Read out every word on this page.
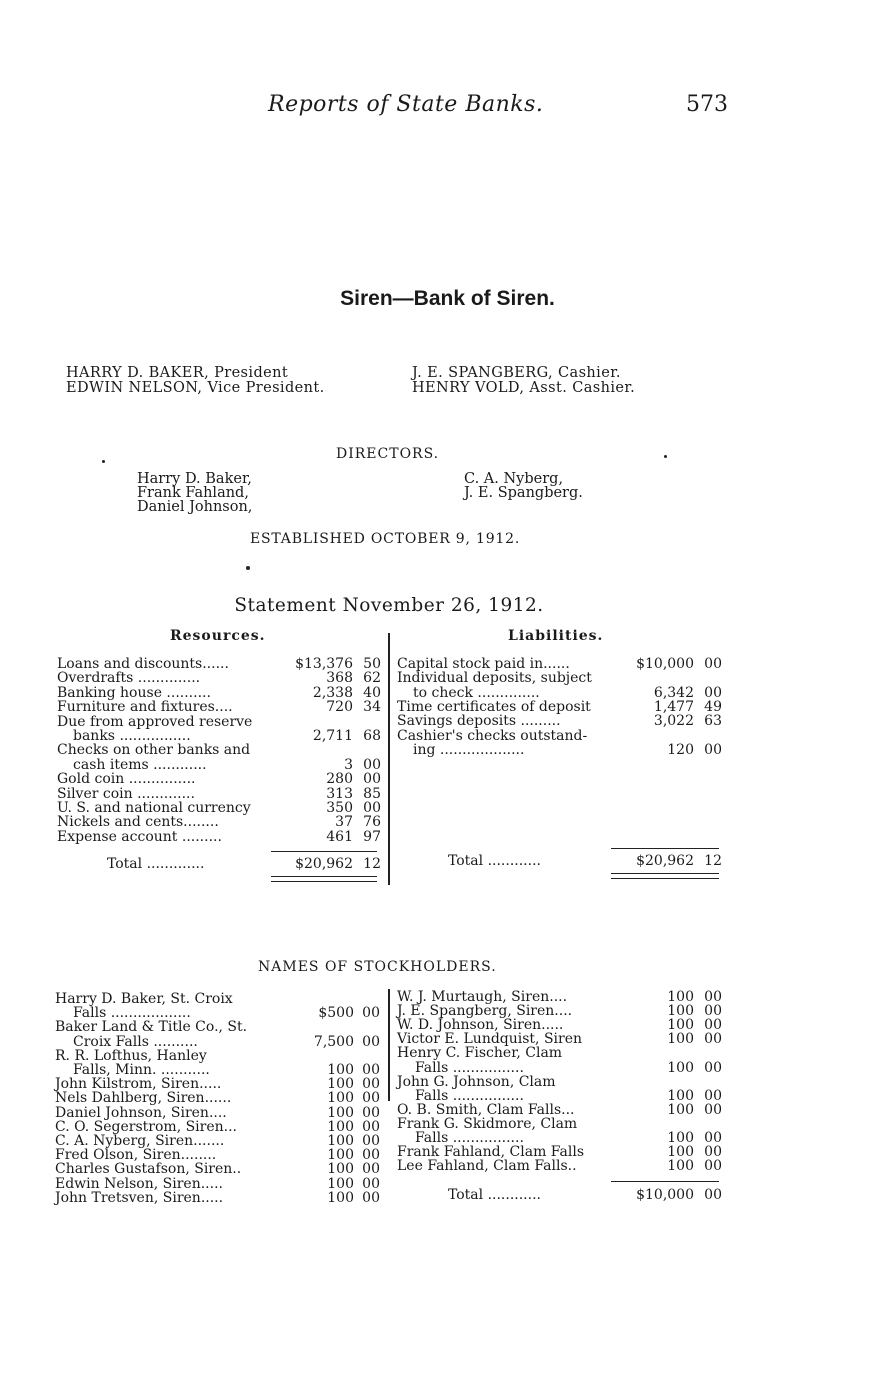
Reports of State Banks.	573
Siren—Bank of Siren.
HARRY D. BAKER, President
EDWIN NELSON, Vice President.
J. E. SPANGBERG, Cashier.
HENRY VOLD, Asst. Cashier.
DIRECTORS.
Harry D. Baker,
Frank Fahland,
Daniel Johnson,
C. A. Nyberg,
J. E. Spangberg.
ESTABLISHED OCTOBER 9, 1912.
Statement November 26, 1912.
Resources.	Liabilities.
Loans and discounts......	$13,376 50
Overdrafts ..............	368 62
Banking house ..........	2,338 40
Furniture and fixtures....	720 34
Due from approved reserve
banks ................	2,711 68
Checks on other banks and
cash items ............	3 00
Gold coin ...............	280 00
Silver coin .............	313 85
U. S. and national currency	350 00
Nickels and cents........	37 76
Expense account .........	461 97
Total .............	$20,962 12
Capital stock paid in......	$10,000 00
Individual deposits, subject
to check ..............	6,342 00
Time certificates of deposit	1,477 49
Savings deposits .........	3,022 63
Cashier's checks outstand-
ing ...................	120 00
Total ............	$20,962 12
NAMES OF STOCKHOLDERS.
Harry D. Baker, St. Croix
Falls ..................	$500 00
Baker Land & Title Co., St.
Croix Falls ..........	7,500 00
R. R. Lofthus, Hanley
Falls, Minn. ...........	100 00
John Kilstrom, Siren.....	100 00
Nels Dahlberg, Siren......	100 00
Daniel Johnson, Siren....	100 00
C. O. Segerstrom, Siren...	100 00
C. A. Nyberg, Siren.......	100 00
Fred Olson, Siren........	100 00
Charles Gustafson, Siren..	100 00
Edwin Nelson, Siren.....	100 00
John Tretsven, Siren.....	100 00
W. J. Murtaugh, Siren....	100 00
J. E. Spangberg, Siren....	100 00
W. D. Johnson, Siren.....	100 00
Victor E. Lundquist, Siren	100 00
Henry C. Fischer, Clam
Falls ................	100 00
John G. Johnson, Clam
Falls ................	100 00
O. B. Smith, Clam Falls...	100 00
Frank G. Skidmore, Clam
Falls ................	100 00
Frank Fahland, Clam Falls	100 00
Lee Fahland, Clam Falls..	100 00
Total ............	$10,000 00
